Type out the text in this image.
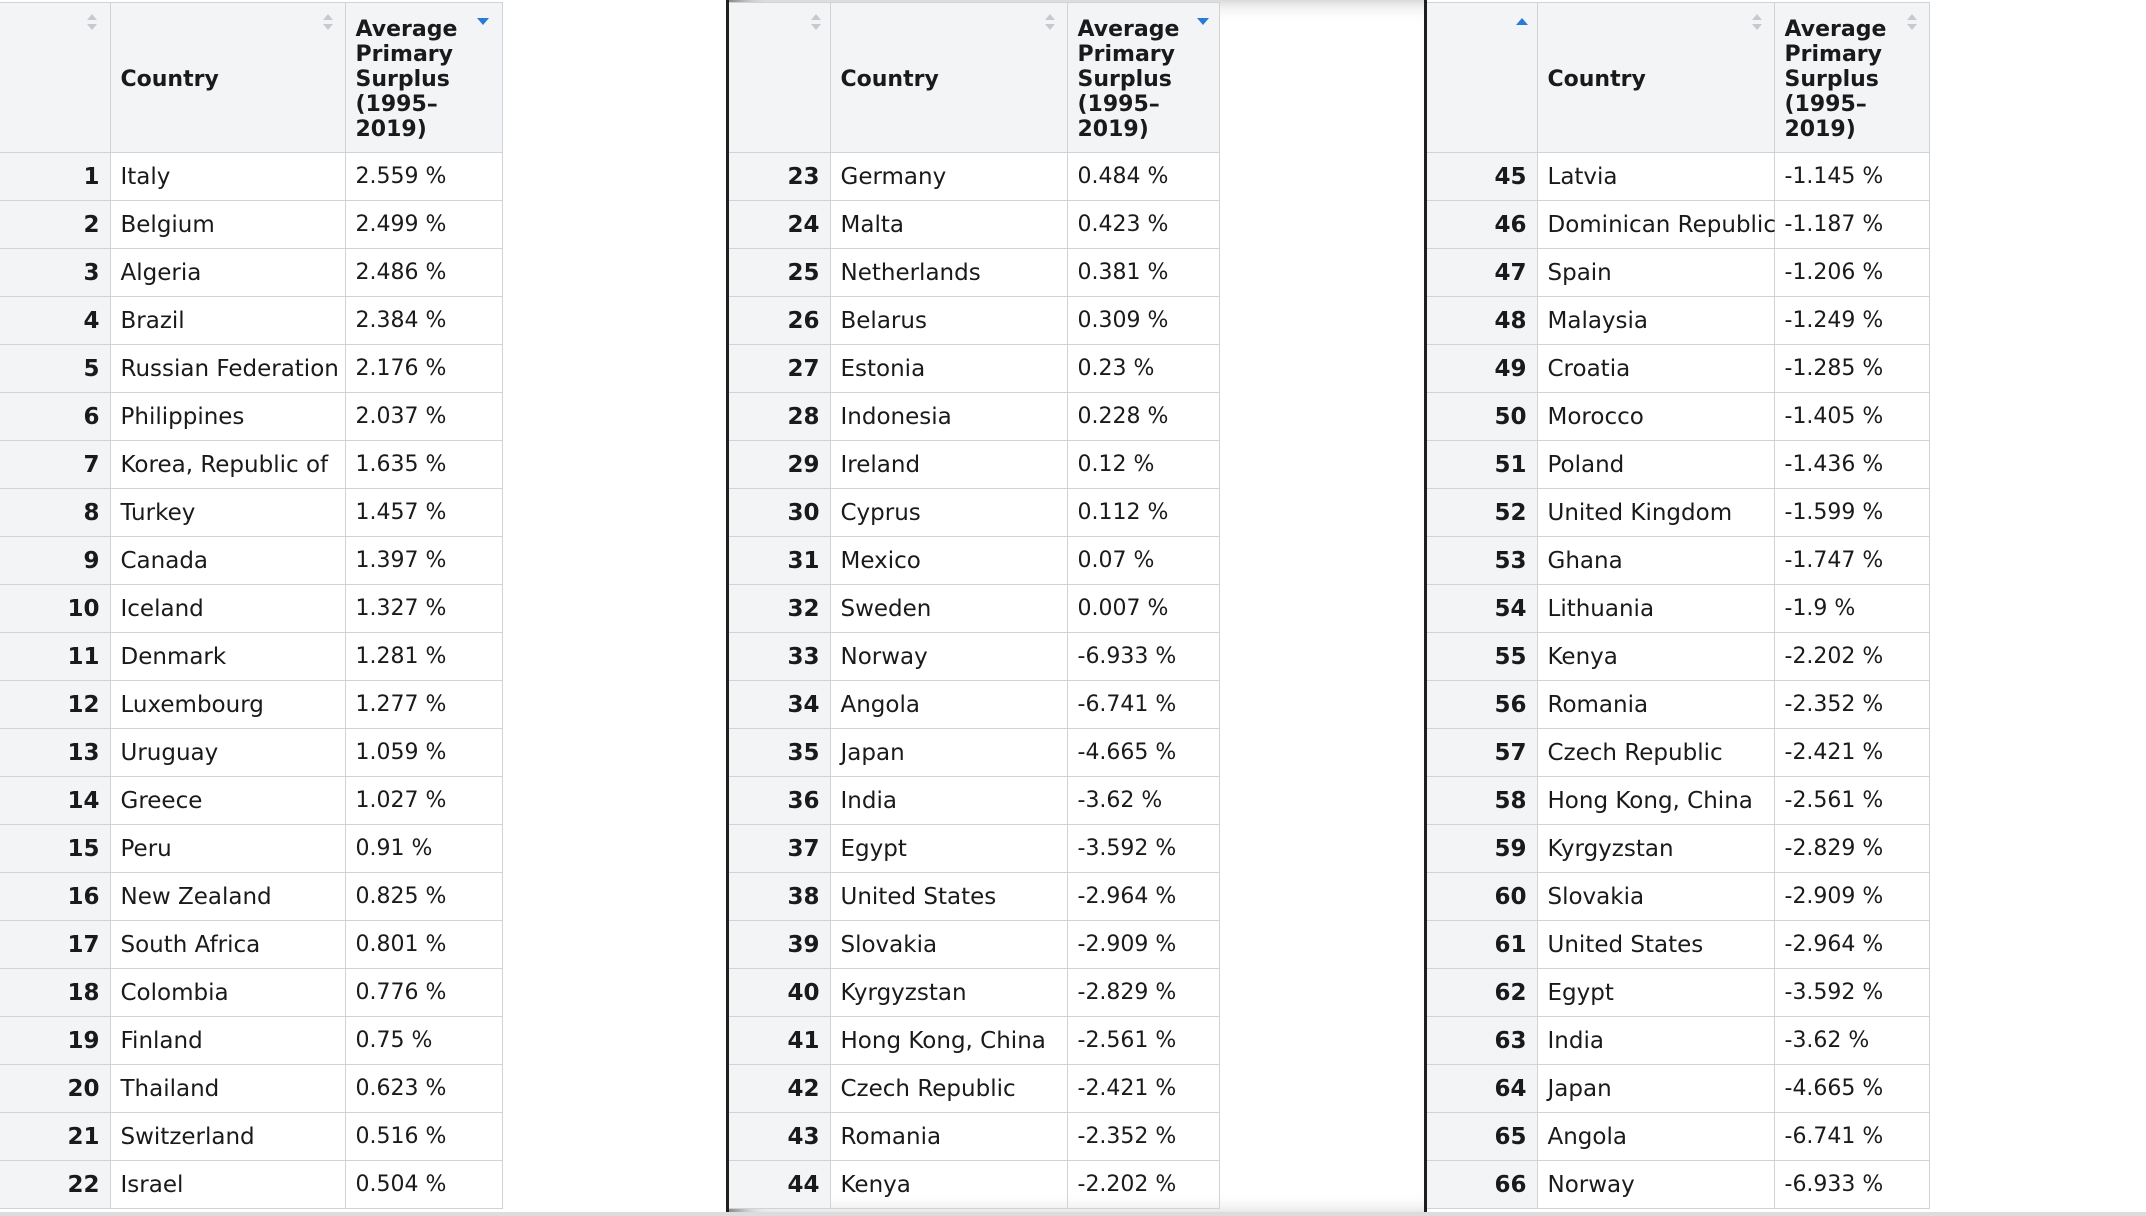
Country	Average Primary Surplus (1995–2019)

1	Italy	2.559 %
2	Belgium	2.499 %
3	Algeria	2.486 %
4	Brazil	2.384 %
5	Russian Federation	2.176 %
6	Philippines	2.037 %
7	Korea, Republic of	1.635 %
8	Turkey	1.457 %
9	Canada	1.397 %
10	Iceland	1.327 %
11	Denmark	1.281 %
12	Luxembourg	1.277 %
13	Uruguay	1.059 %
14	Greece	1.027 %
15	Peru	0.91 %
16	New Zealand	0.825 %
17	South Africa	0.801 %
18	Colombia	0.776 %
19	Finland	0.75 %
20	Thailand	0.623 %
21	Switzerland	0.516 %
22	Israel	0.504 %

Country	Average Primary Surplus (1995–2019)

23	Germany	0.484 %
24	Malta	0.423 %
25	Netherlands	0.381 %
26	Belarus	0.309 %
27	Estonia	0.23 %
28	Indonesia	0.228 %
29	Ireland	0.12 %
30	Cyprus	0.112 %
31	Mexico	0.07 %
32	Sweden	0.007 %
33	Norway	-6.933 %
34	Angola	-6.741 %
35	Japan	-4.665 %
36	India	-3.62 %
37	Egypt	-3.592 %
38	United States	-2.964 %
39	Slovakia	-2.909 %
40	Kyrgyzstan	-2.829 %
41	Hong Kong, China	-2.561 %
42	Czech Republic	-2.421 %
43	Romania	-2.352 %
44	Kenya	-2.202 %

Country	Average Primary Surplus (1995–2019)

45	Latvia	-1.145 %
46	Dominican Republic	-1.187 %
47	Spain	-1.206 %
48	Malaysia	-1.249 %
49	Croatia	-1.285 %
50	Morocco	-1.405 %
51	Poland	-1.436 %
52	United Kingdom	-1.599 %
53	Ghana	-1.747 %
54	Lithuania	-1.9 %
55	Kenya	-2.202 %
56	Romania	-2.352 %
57	Czech Republic	-2.421 %
58	Hong Kong, China	-2.561 %
59	Kyrgyzstan	-2.829 %
60	Slovakia	-2.909 %
61	United States	-2.964 %
62	Egypt	-3.592 %
63	India	-3.62 %
64	Japan	-4.665 %
65	Angola	-6.741 %
66	Norway	-6.933 %
